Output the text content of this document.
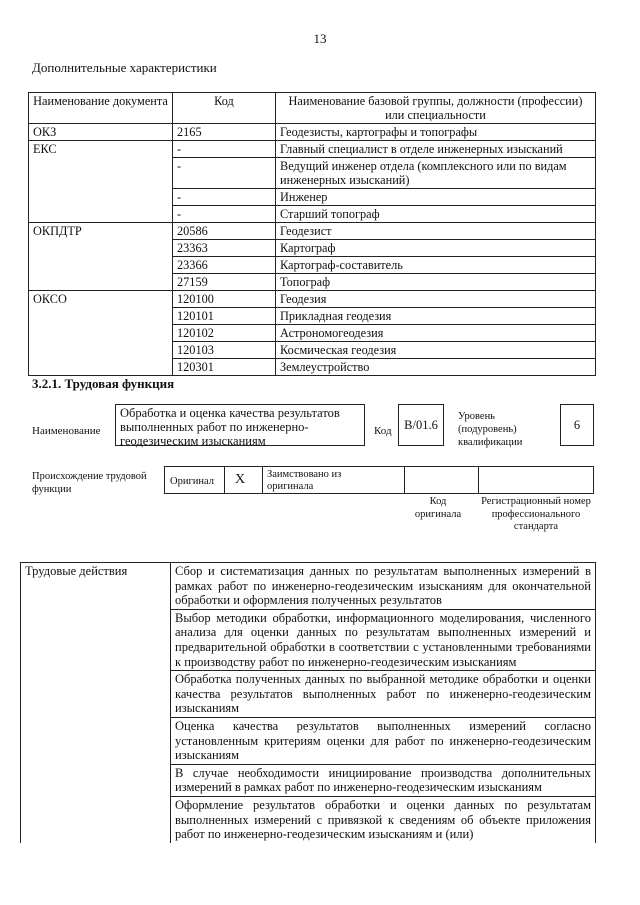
13
Дополнительные характеристики
Наименование документа	Код	Наименование базовой группы, должности (профессии) или специальности
ОКЗ	2165	Геодезисты, картографы и топографы
ЕКС	-	Главный специалист в отделе инженерных изысканий
	-	Ведущий инженер отдела (комплексного или по видам инженерных изысканий)
	-	Инженер
	-	Старший топограф
ОКПДТР	20586	Геодезист
	23363	Картограф
	23366	Картограф-составитель
	27159	Топограф
ОКСО	120100	Геодезия
	120101	Прикладная геодезия
	120102	Астрономогеодезия
	120103	Космическая геодезия
	120301	Землеустройство
3.2.1. Трудовая функция
Наименование
Обработка и оценка качества результатов выполненных работ по инженерно-геодезическим изысканиям
Код	B/01.6
Уровень (подуровень) квалификации
6
Происхождение трудовой функции
Оригинал X Заимствовано из оригинала
Код оригинала
Регистрационный номер профессионального стандарта
Трудовые действия	Сбор и систематизация данных по результатам выполненных измерений в рамках работ по инженерно-геодезическим изысканиям для окончательной обработки и оформления полученных результатов
Выбор методики обработки, информационного моделирования, численного анализа для оценки данных по результатам выполненных измерений и предварительной обработки в соответствии с установленными требованиями к производству работ по инженерно-геодезическим изысканиям
Обработка полученных данных по выбранной методике обработки и оценки качества результатов выполненных работ по инженерно-геодезическим изысканиям
Оценка качества результатов выполненных измерений согласно установленным критериям оценки для работ по инженерно-геодезическим изысканиям
В случае необходимости инициирование производства дополнительных измерений в рамках работ по инженерно-геодезическим изысканиям
Оформление результатов обработки и оценки данных по результатам выполненных измерений с привязкой к сведениям об объекте приложения работ по инженерно-геодезическим изысканиям и (или)
